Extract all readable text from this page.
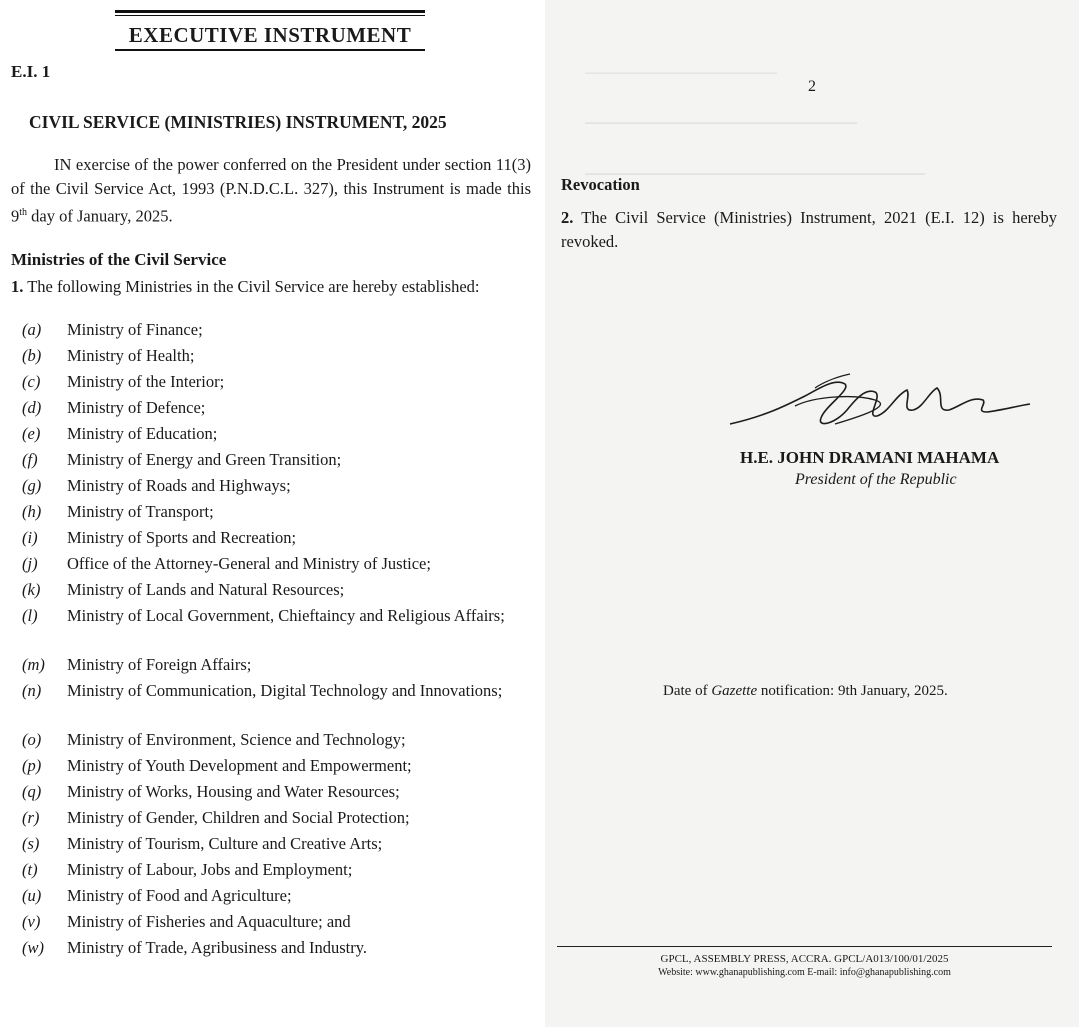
EXECUTIVE INSTRUMENT
E.I. 1
CIVIL SERVICE (MINISTRIES) INSTRUMENT, 2025

IN exercise of the power conferred on the President under section 11(3) of the Civil Service Act, 1993 (P.N.D.C.L. 327), this Instrument is made this 9th day of January, 2025.

Ministries of the Civil Service
1. The following Ministries in the Civil Service are hereby established:
(a)	Ministry of Finance;
(b)	Ministry of Health;
(c)	Ministry of the Interior;
(d)	Ministry of Defence;
(e)	Ministry of Education;
(f)	Ministry of Energy and Green Transition;
(g)	Ministry of Roads and Highways;
(h)	Ministry of Transport;
(i)	Ministry of Sports and Recreation;
(j)	Office of the Attorney-General and Ministry of Justice;
(k)	Ministry of Lands and Natural Resources;
(l)	Ministry of Local Government, Chieftaincy and Religious Affairs;
(m)	Ministry of Foreign Affairs;
(n)	Ministry of Communication, Digital Technology and Innovations;
(o)	Ministry of Environment, Science and Technology;
(p)	Ministry of Youth Development and Empowerment;
(q)	Ministry of Works, Housing and Water Resources;
(r)	Ministry of Gender, Children and Social Protection;
(s)	Ministry of Tourism, Culture and Creative Arts;
(t)	Ministry of Labour, Jobs and Employment;
(u)	Ministry of Food and Agriculture;
(v)	Ministry of Fisheries and Aquaculture; and
(w)	Ministry of Trade, Agribusiness and Industry.
————————————

────────────────────────

──────────────────────────────
2
Revocation
2. The Civil Service (Ministries) Instrument, 2021 (E.I. 12) is hereby revoked.
H.E. JOHN DRAMANI MAHAMA
President of the Republic
Date of Gazette notification: 9th January, 2025.
GPCL, ASSEMBLY PRESS, ACCRA. GPCL/A013/100/01/2025
Website: www.ghanapublishing.com E-mail: info@ghanapublishing.com
